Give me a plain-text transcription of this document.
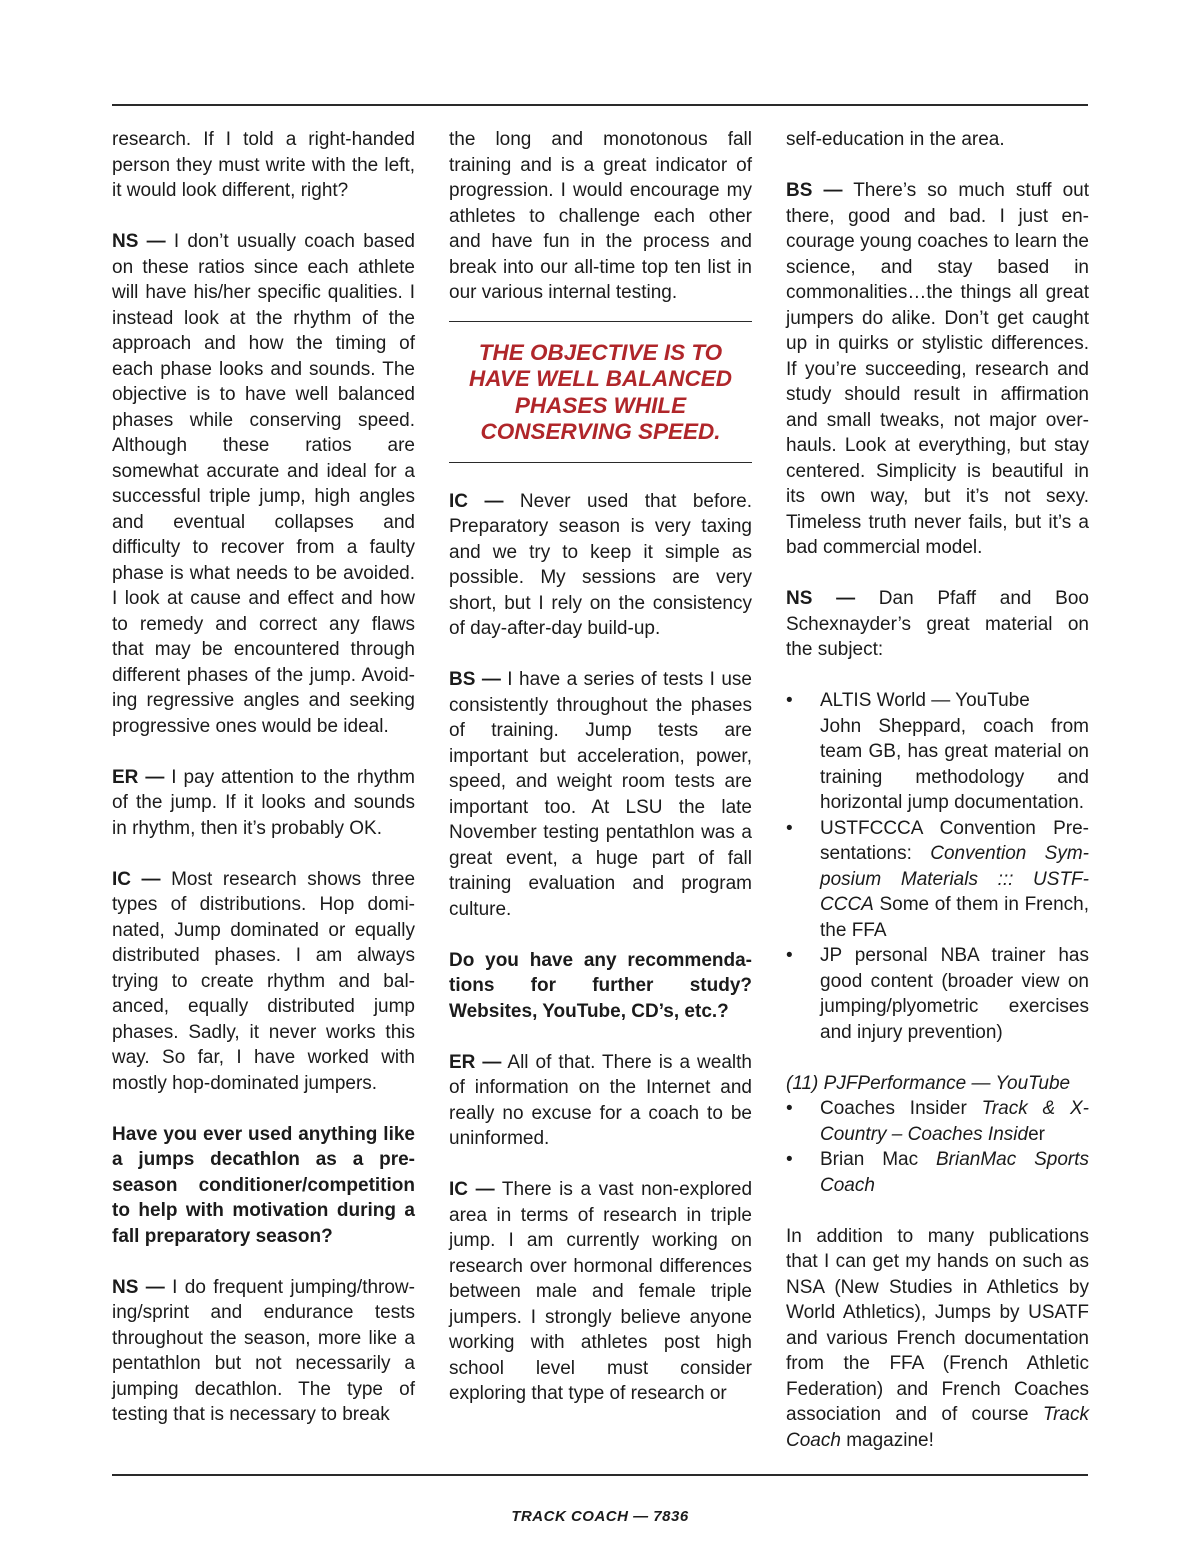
research. If I told a right-handed person they must write with the left, it would look different, right?

NS — I don’t usually coach based on these ratios since each athlete will have his/her specific qualities. I instead look at the rhythm of the approach and how the timing of each phase looks and sounds. The objective is to have well balanced phases while conserving speed. Although these ratios are somewhat accurate and ideal for a successful triple jump, high angles and eventual collapses and difficulty to recover from a faulty phase is what needs to be avoided. I look at cause and effect and how to remedy and correct any flaws that may be encountered through different phases of the jump. Avoiding regressive angles and seeking progressive ones would be ideal.

ER — I pay attention to the rhythm of the jump. If it looks and sounds in rhythm, then it’s probably OK.

IC — Most research shows three types of distributions. Hop dominated, Jump dominated or equally distributed phases. I am always trying to create rhythm and balanced, equally distributed jump phases. Sadly, it never works this way. So far, I have worked with mostly hop-dominated jumpers.

Have you ever used anything like a jumps decathlon as a preseason conditioner/competition to help with motivation during a fall preparatory season?

NS — I do frequent jumping/throwing/sprint and endurance tests throughout the season, more like a pentathlon but not necessarily a jumping decathlon. The type of testing that is necessary to break

the long and monotonous fall training and is a great indicator of progression. I would encourage my athletes to challenge each other and have fun in the process and break into our all-time top ten list in our various internal testing.

THE OBJECTIVE IS TO
HAVE WELL BALANCED
PHASES WHILE
CONSERVING SPEED.

IC — Never used that before. Preparatory season is very taxing and we try to keep it simple as possible. My sessions are very short, but I rely on the consistency of day-after-day build-up.

BS — I have a series of tests I use consistently throughout the phases of training. Jump tests are important but acceleration, power, speed, and weight room tests are important too. At LSU the late November testing pentathlon was a great event, a huge part of fall training evaluation and program culture.

Do you have any recommendations for further study? Websites, YouTube, CD’s, etc.?

ER — All of that. There is a wealth of information on the Internet and really no excuse for a coach to be uninformed.

IC — There is a vast non-explored area in terms of research in triple jump. I am currently working on research over hormonal differences between male and female triple jumpers. I strongly believe anyone working with athletes post high school level must consider exploring that type of research or

self-education in the area.

BS — There’s so much stuff out there, good and bad. I just encourage young coaches to learn the science, and stay based in commonalities…the things all great jumpers do alike. Don’t get caught up in quirks or stylistic differences. If you’re succeeding, research and study should result in affirmation and small tweaks, not major overhauls. Look at everything, but stay centered. Simplicity is beautiful in its own way, but it’s not sexy. Timeless truth never fails, but it’s a bad commercial model.

NS — Dan Pfaff and Boo Schexnayder’s great material on the subject:

• ALTIS World — YouTube
John Sheppard, coach from team GB, has great material on training methodology and horizontal jump documentation.
• USTFCCCA Convention Presentations: Convention Symposium Materials ::: USTFCCCA Some of them in French, the FFA
• JP personal NBA trainer has good content (broader view on jumping/plyometric exercises and injury prevention)

(11) PJFPerformance — YouTube

• Coaches Insider Track & X-Country – Coaches Insider
• Brian Mac BrianMac Sports Coach

In addition to many publications that I can get my hands on such as NSA (New Studies in Athletics by World Athletics), Jumps by USATF and various French documentation from the FFA (French Athletic Federation) and French Coaches association and of course Track Coach magazine!

TRACK COACH — 7836
